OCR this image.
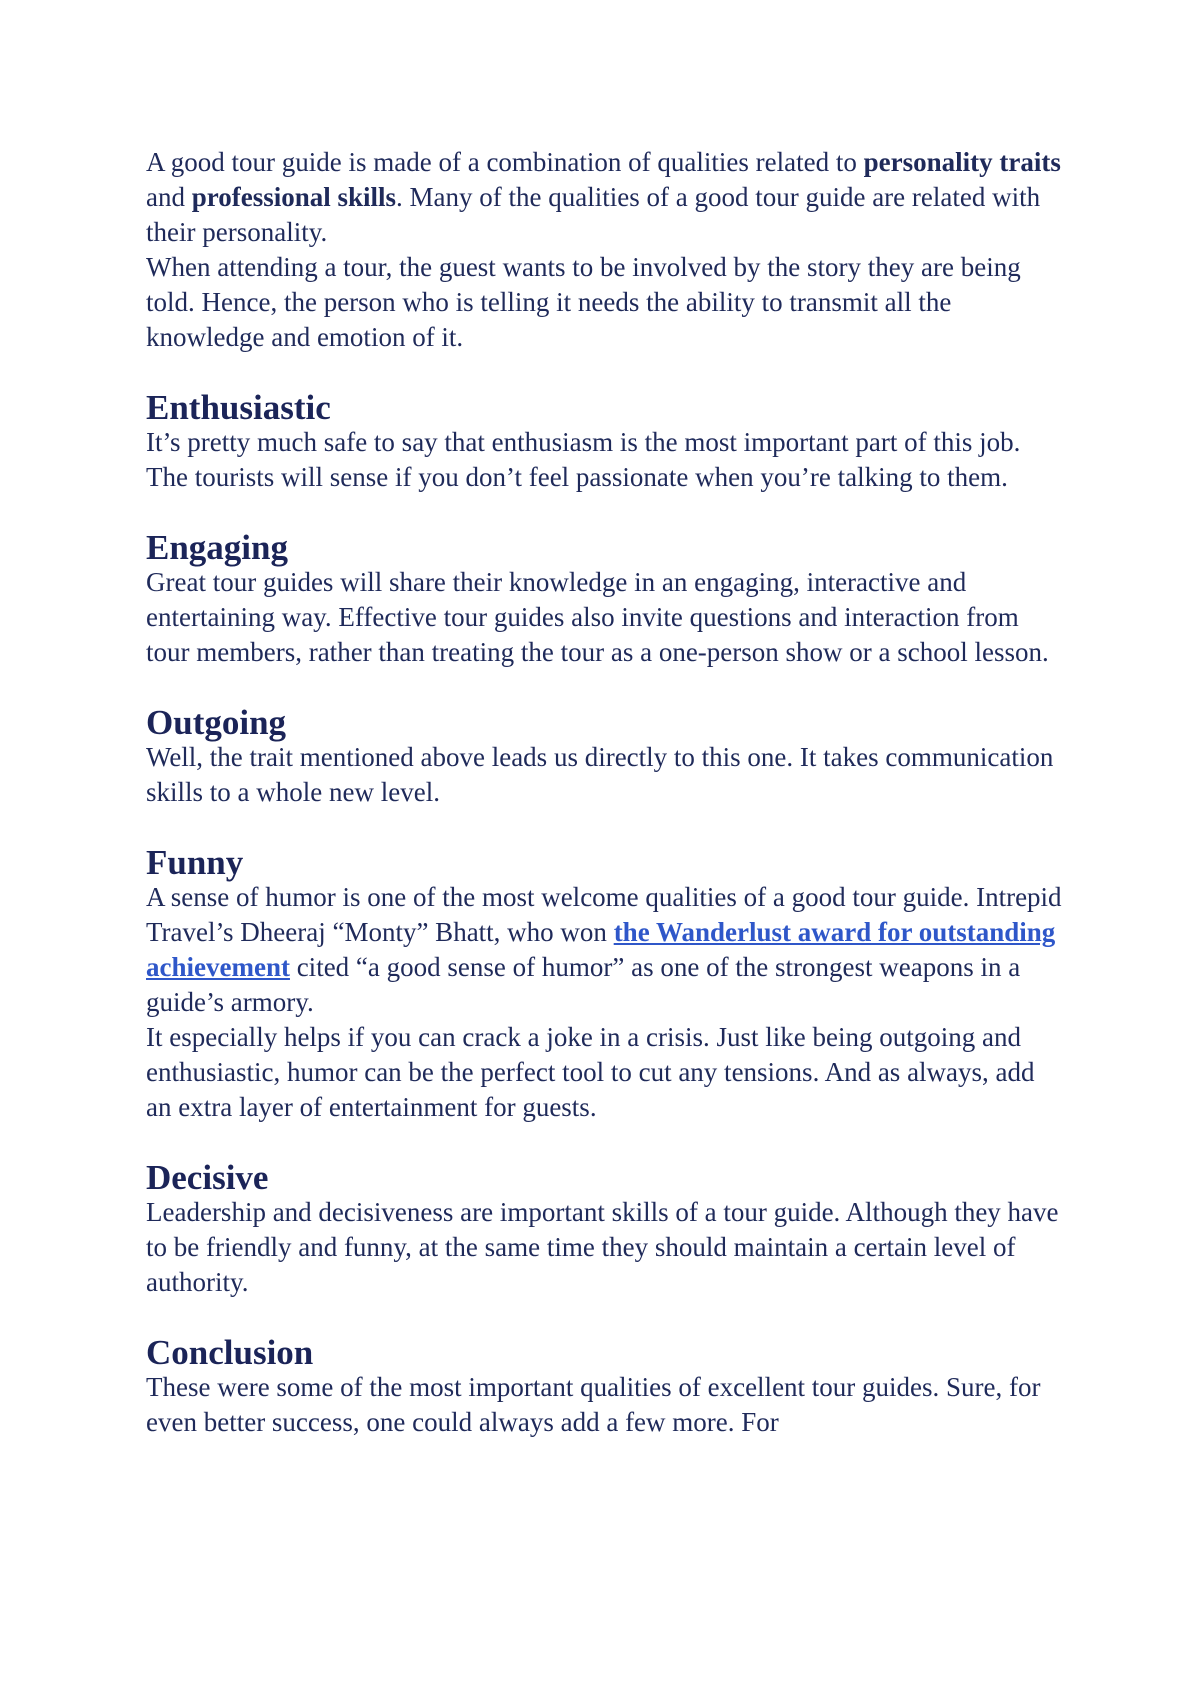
A good tour guide is made of a combination of qualities related to personality traits and professional skills. Many of the qualities of a good tour guide are related with their personality.

When attending a tour, the guest wants to be involved by the story they are being told. Hence, the person who is telling it needs the ability to transmit all the knowledge and emotion of it.

Enthusiastic

It’s pretty much safe to say that enthusiasm is the most important part of this job. The tourists will sense if you don’t feel passionate when you’re talking to them.

Engaging

Great tour guides will share their knowledge in an engaging, interactive and entertaining way. Effective tour guides also invite questions and interaction from tour members, rather than treating the tour as a one-person show or a school lesson.

Outgoing

Well, the trait mentioned above leads us directly to this one. It takes communication skills to a whole new level.

Funny

A sense of humor is one of the most welcome qualities of a good tour guide. Intrepid Travel’s Dheeraj “Monty” Bhatt, who won the Wanderlust award for outstanding achievement cited “a good sense of humor” as one of the strongest weapons in a guide’s armory.

It especially helps if you can crack a joke in a crisis. Just like being outgoing and enthusiastic, humor can be the perfect tool to cut any tensions. And as always, add an extra layer of entertainment for guests.

Decisive

Leadership and decisiveness are important skills of a tour guide. Although they have to be friendly and funny, at the same time they should maintain a certain level of authority.

Conclusion

These were some of the most important qualities of excellent tour guides. Sure, for even better success, one could always add a few more. For
